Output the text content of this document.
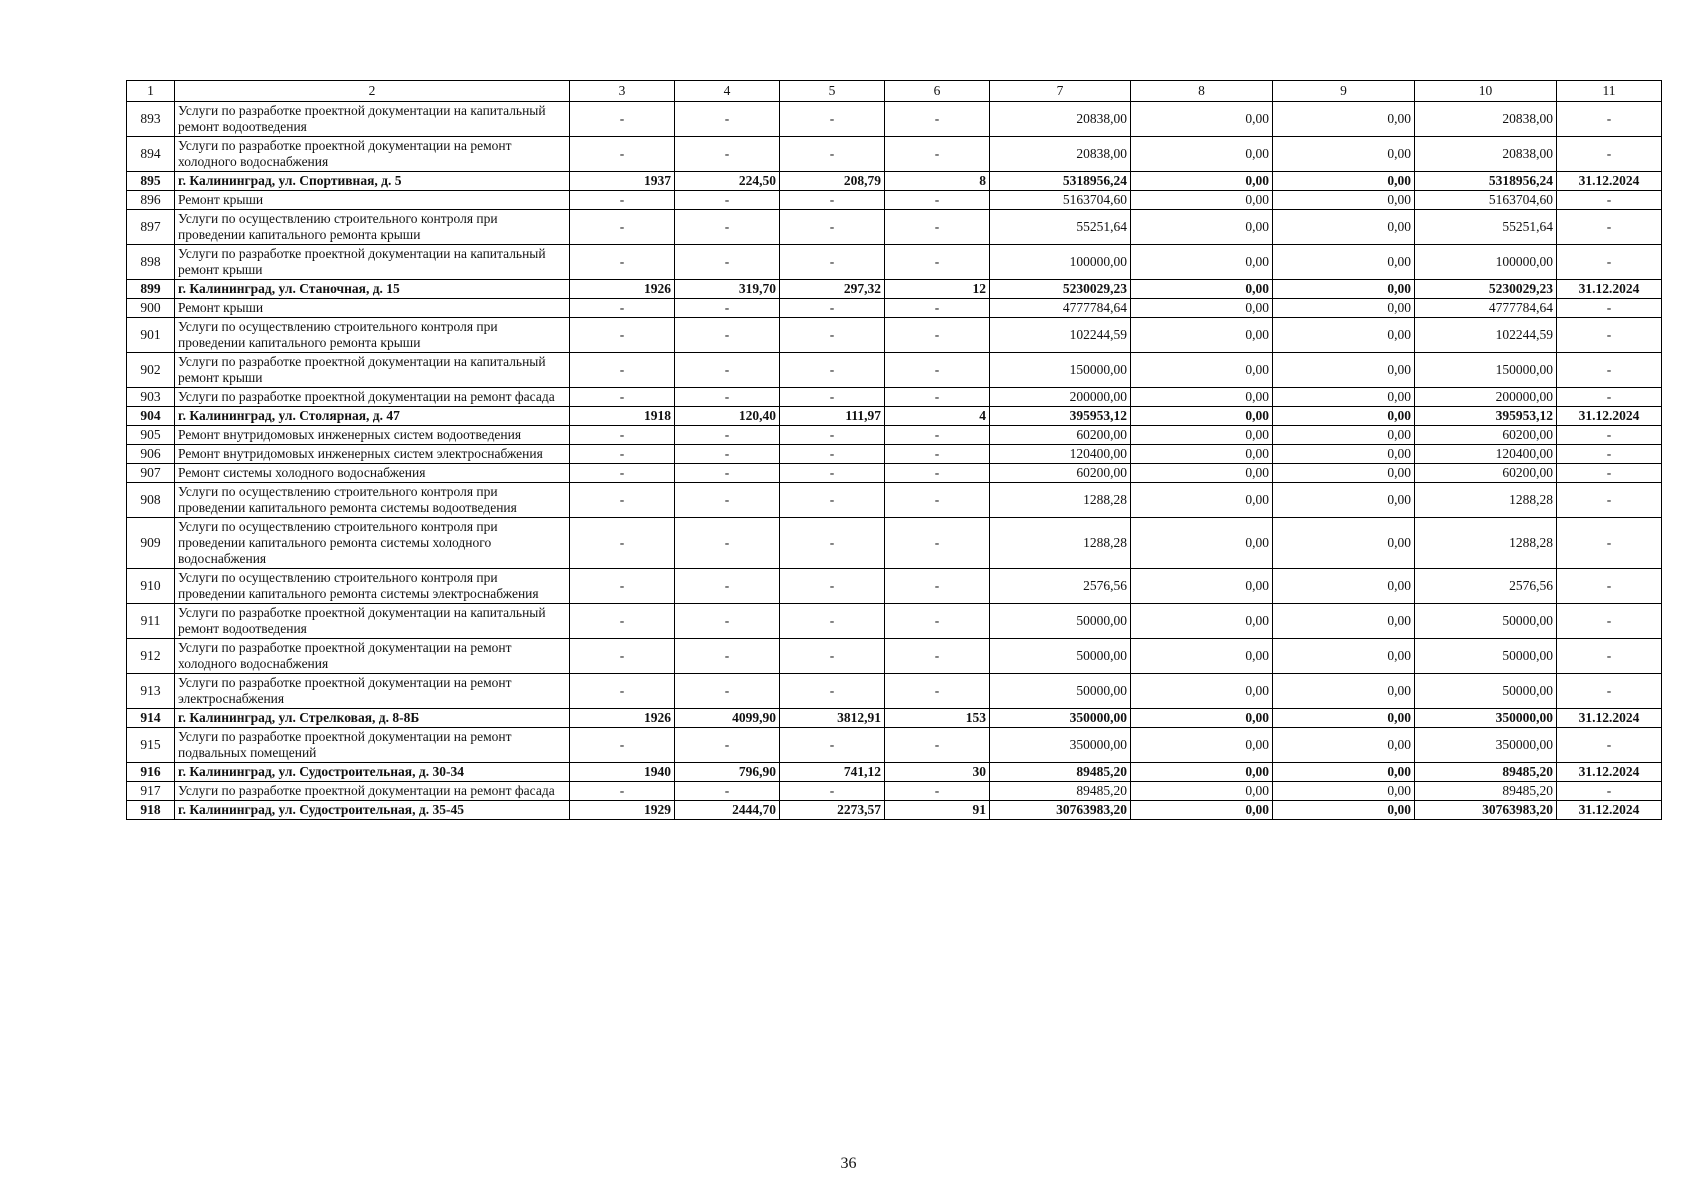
1	2	3	4	5	6	7	8	9	10	11
893	Услуги по разработке проектной документации на капитальный ремонт водоотведения	-	-	-	-	20838,00	0,00	0,00	20838,00	-
894	Услуги по разработке проектной документации на ремонт холодного водоснабжения	-	-	-	-	20838,00	0,00	0,00	20838,00	-
895	г. Калининград, ул. Спортивная, д. 5	1937	224,50	208,79	8	5318956,24	0,00	0,00	5318956,24	31.12.2024
896	Ремонт крыши	-	-	-	-	5163704,60	0,00	0,00	5163704,60	-
897	Услуги по осуществлению строительного контроля при проведении капитального ремонта крыши	-	-	-	-	55251,64	0,00	0,00	55251,64	-
898	Услуги по разработке проектной документации на капитальный ремонт крыши	-	-	-	-	100000,00	0,00	0,00	100000,00	-
899	г. Калининград, ул. Станочная, д. 15	1926	319,70	297,32	12	5230029,23	0,00	0,00	5230029,23	31.12.2024
900	Ремонт крыши	-	-	-	-	4777784,64	0,00	0,00	4777784,64	-
901	Услуги по осуществлению строительного контроля при проведении капитального ремонта крыши	-	-	-	-	102244,59	0,00	0,00	102244,59	-
902	Услуги по разработке проектной документации на капитальный ремонт крыши	-	-	-	-	150000,00	0,00	0,00	150000,00	-
903	Услуги по разработке проектной документации на ремонт фасада	-	-	-	-	200000,00	0,00	0,00	200000,00	-
904	г. Калининград, ул. Столярная, д. 47	1918	120,40	111,97	4	395953,12	0,00	0,00	395953,12	31.12.2024
905	Ремонт внутридомовых инженерных систем водоотведения	-	-	-	-	60200,00	0,00	0,00	60200,00	-
906	Ремонт внутридомовых инженерных систем электроснабжения	-	-	-	-	120400,00	0,00	0,00	120400,00	-
907	Ремонт системы холодного водоснабжения	-	-	-	-	60200,00	0,00	0,00	60200,00	-
908	Услуги по осуществлению строительного контроля при проведении капитального ремонта системы водоотведения	-	-	-	-	1288,28	0,00	0,00	1288,28	-
909	Услуги по осуществлению строительного контроля при проведении капитального ремонта системы холодного водоснабжения	-	-	-	-	1288,28	0,00	0,00	1288,28	-
910	Услуги по осуществлению строительного контроля при проведении капитального ремонта системы электроснабжения	-	-	-	-	2576,56	0,00	0,00	2576,56	-
911	Услуги по разработке проектной документации на капитальный ремонт водоотведения	-	-	-	-	50000,00	0,00	0,00	50000,00	-
912	Услуги по разработке проектной документации на ремонт холодного водоснабжения	-	-	-	-	50000,00	0,00	0,00	50000,00	-
913	Услуги по разработке проектной документации на ремонт электроснабжения	-	-	-	-	50000,00	0,00	0,00	50000,00	-
914	г. Калининград, ул. Стрелковая, д. 8-8Б	1926	4099,90	3812,91	153	350000,00	0,00	0,00	350000,00	31.12.2024
915	Услуги по разработке проектной документации на ремонт подвальных помещений	-	-	-	-	350000,00	0,00	0,00	350000,00	-
916	г. Калининград, ул. Судостроительная, д. 30-34	1940	796,90	741,12	30	89485,20	0,00	0,00	89485,20	31.12.2024
917	Услуги по разработке проектной документации на ремонт фасада	-	-	-	-	89485,20	0,00	0,00	89485,20	-
918	г. Калининград, ул. Судостроительная, д. 35-45	1929	2444,70	2273,57	91	30763983,20	0,00	0,00	30763983,20	31.12.2024
36
